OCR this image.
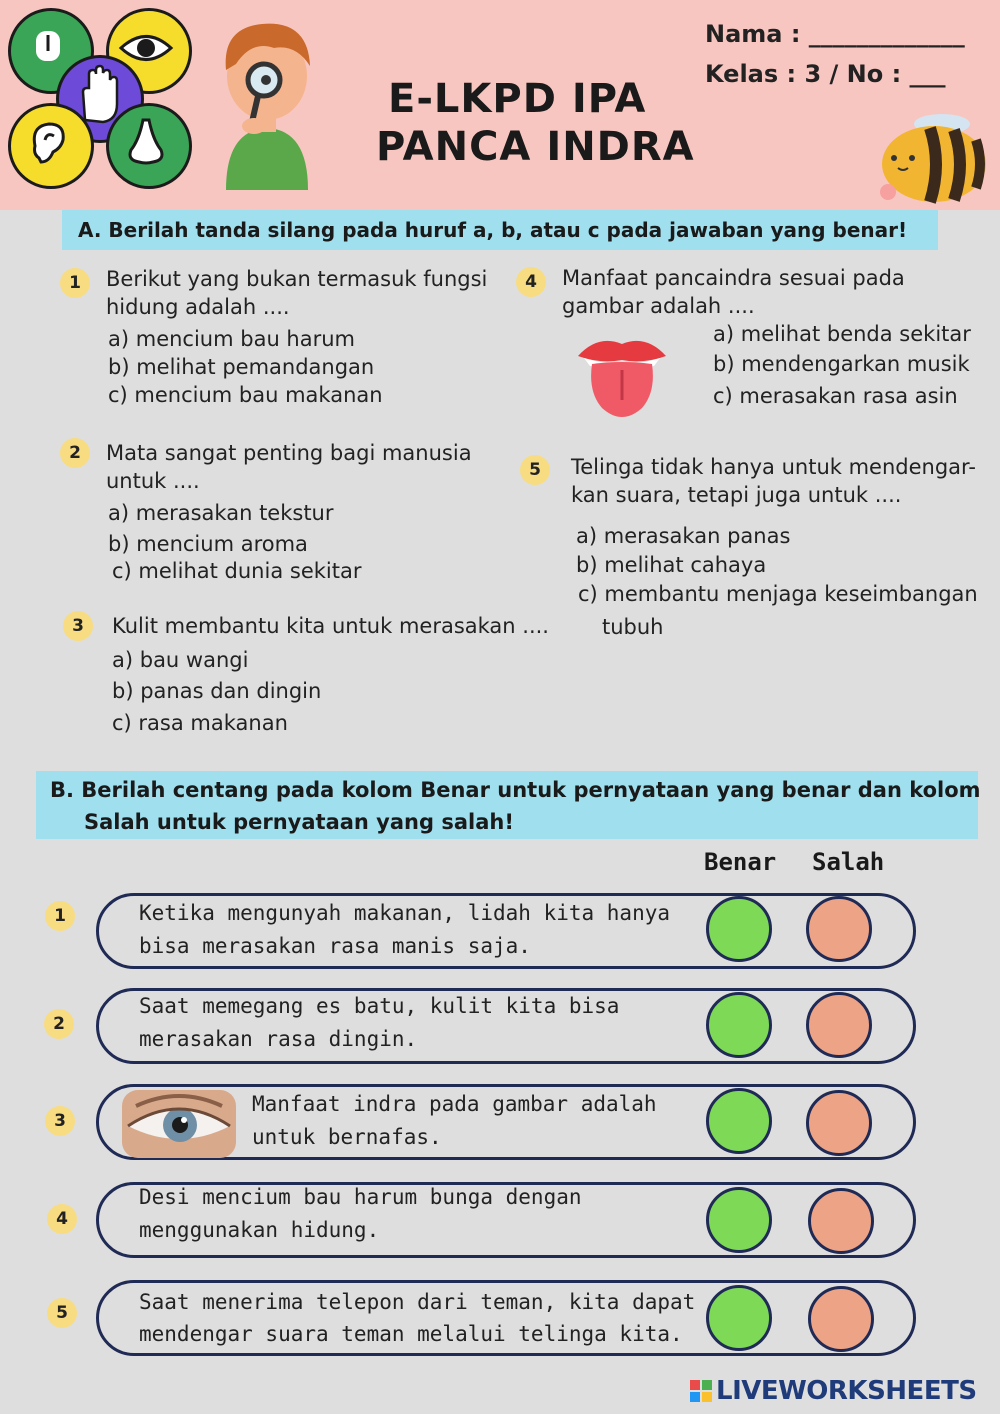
E-LKPD IPA
PANCA INDRA
Nama : _____________
Kelas : 3 / No : ___
A. Berilah tanda silang pada huruf a, b, atau c pada jawaban yang benar!
1	Berikut yang bukan termasuk fungsi
hidung adalah ....
a) mencium bau harum
b) melihat pemandangan
c) mencium bau makanan
2	Mata sangat penting bagi manusia
untuk ....
a) merasakan tekstur
b) mencium aroma
c) melihat dunia sekitar
3	Kulit membantu kita untuk merasakan ....
a) bau wangi
b) panas dan dingin
c) rasa makanan
4	Manfaat pancaindra sesuai pada
gambar adalah ....
a) melihat benda sekitar
b) mendengarkan musik
c) merasakan rasa asin
5	Telinga tidak hanya untuk mendengar-
kan suara, tetapi juga untuk ....
a) merasakan panas
b) melihat cahaya
c) membantu menjaga keseimbangan
tubuh
B. Berilah centang pada kolom Benar untuk pernyataan yang benar dan kolom
Salah untuk pernyataan yang salah!
Benar Salah
1	Ketika mengunyah makanan, lidah kita hanya
bisa merasakan rasa manis saja.
2
Saat memegang es batu, kulit kita bisa
merasakan rasa dingin.
3
Manfaat indra pada gambar adalah
untuk bernafas.
4
Desi mencium bau harum bunga dengan
menggunakan hidung.
5	Saat menerima telepon dari teman, kita dapat
mendengar suara teman melalui telinga kita.
LIVEWORKSHEETS
